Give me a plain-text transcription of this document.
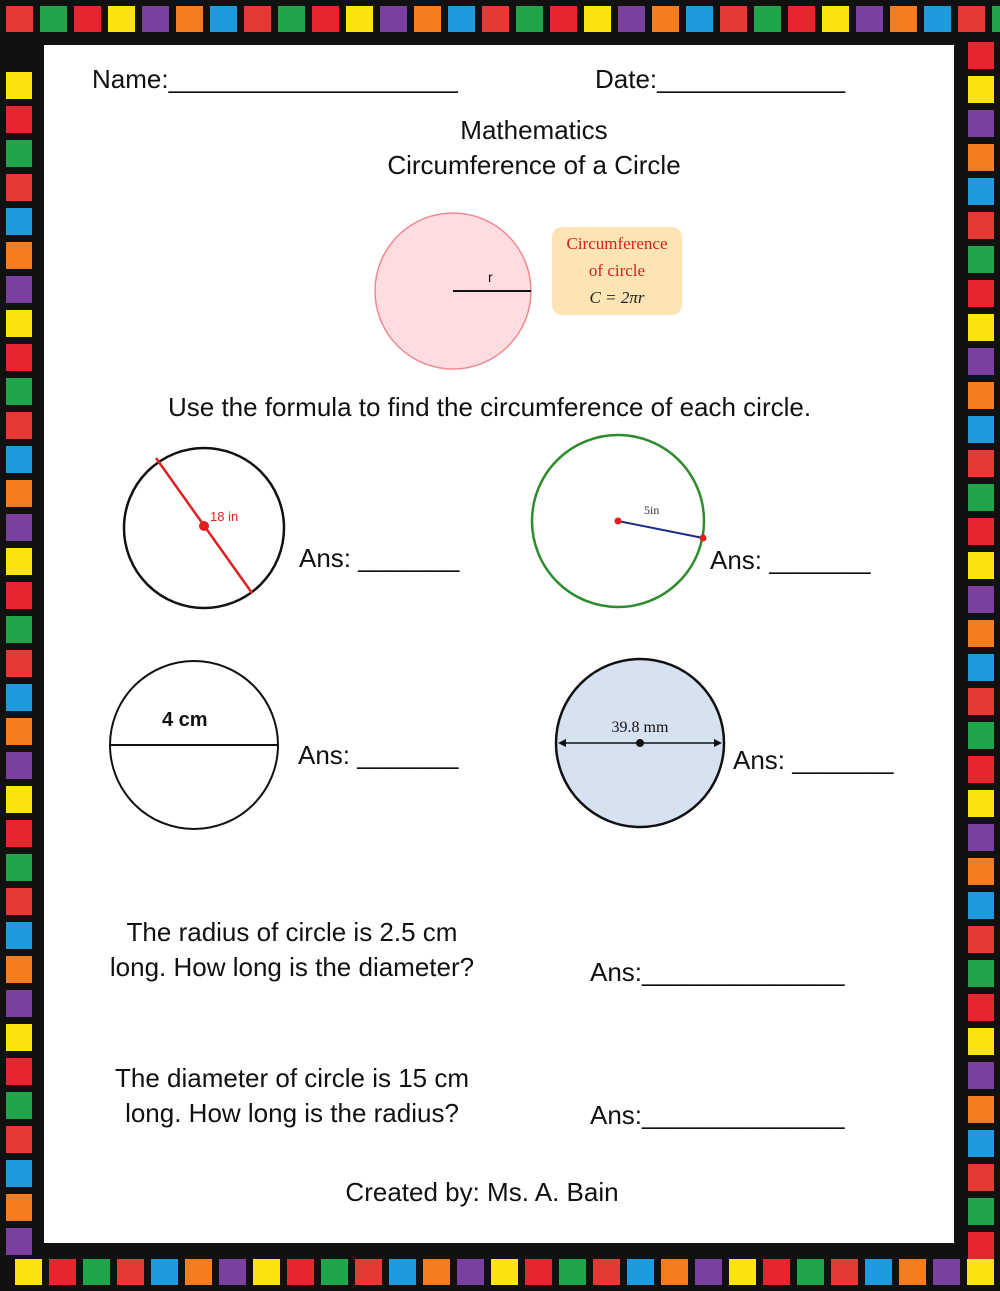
Name:____________________	Date:_____________
Mathematics
Circumference of a Circle
r
Circumference
of circle
C = 2πr
Use the formula to find the circumference of each circle.
18 in
Ans: _______
5in
Ans: _______
4 cm
Ans: _______
39.8 mm
Ans: _______
The radius of circle is 2.5 cm
long. How long is the diameter?	Ans:______________
The diameter of circle is 15 cm
long. How long is the radius?	Ans:______________
Created by: Ms. A. Bain
